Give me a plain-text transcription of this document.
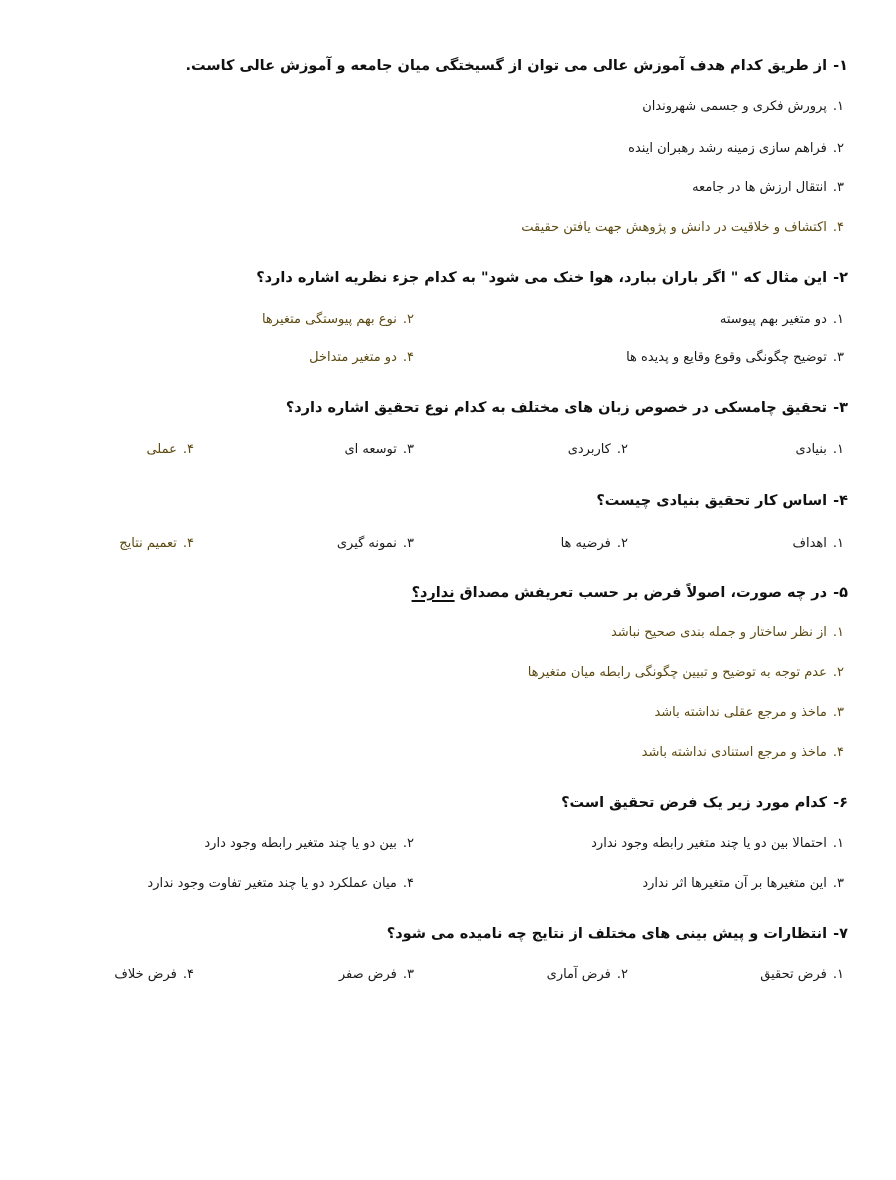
۱-از طریق کدام هدف آموزش عالی می توان از گسیختگی میان جامعه و آموزش عالی کاست.
۱.پرورش فکری و جسمی شهروندان
۲.فراهم سازی زمینه رشد رهبران اینده
۳.انتقال ارزش ها در جامعه
۴.اکتشاف و خلاقیت در دانش و پژوهش جهت یافتن حقیقت
۲-این مثال که " اگر باران ببارد، هوا خنک می شود" به کدام جزء نظریه اشاره دارد؟
۱.دو متغیر بهم پیوسته
۲.نوع بهم پیوستگی متغیرها
۳.توضیح چگونگی وقوع وقایع و پدیده ها
۴.دو متغیر متداخل
۳-تحقیق چامسکی در خصوص زبان های مختلف به کدام نوع تحقیق اشاره دارد؟
۱.بنیادی
۲.کاربردی
۳.توسعه ای
۴.عملی
۴-اساس کار تحقیق بنیادی چیست؟
۱.اهداف
۲.فرضیه ها
۳.نمونه گیری
۴.تعمیم نتایج
۵-در چه صورت، اصولاً فرض بر حسب تعریفش مصداق ندارد؟
۱.از نظر ساختار و جمله بندی صحیح نباشد
۲.عدم توجه به توضیح و تبیین چگونگی رابطه میان متغیرها
۳.ماخذ و مرجع عقلی نداشته باشد
۴.ماخذ و مرجع استنادی نداشته باشد
۶-کدام مورد زیر یک فرض تحقیق است؟
۱.احتمالا بین دو یا چند متغیر رابطه وجود ندارد
۲.بین دو یا چند متغیر رابطه وجود دارد
۳.این متغیرها بر آن متغیرها اثر ندارد
۴.میان عملکرد دو یا چند متغیر تفاوت وجود ندارد
۷-انتظارات و پیش بینی های مختلف از نتایج چه نامیده می شود؟
۱.فرض تحقیق
۲.فرض آماری
۳.فرض صفر
۴.فرض خلاف
